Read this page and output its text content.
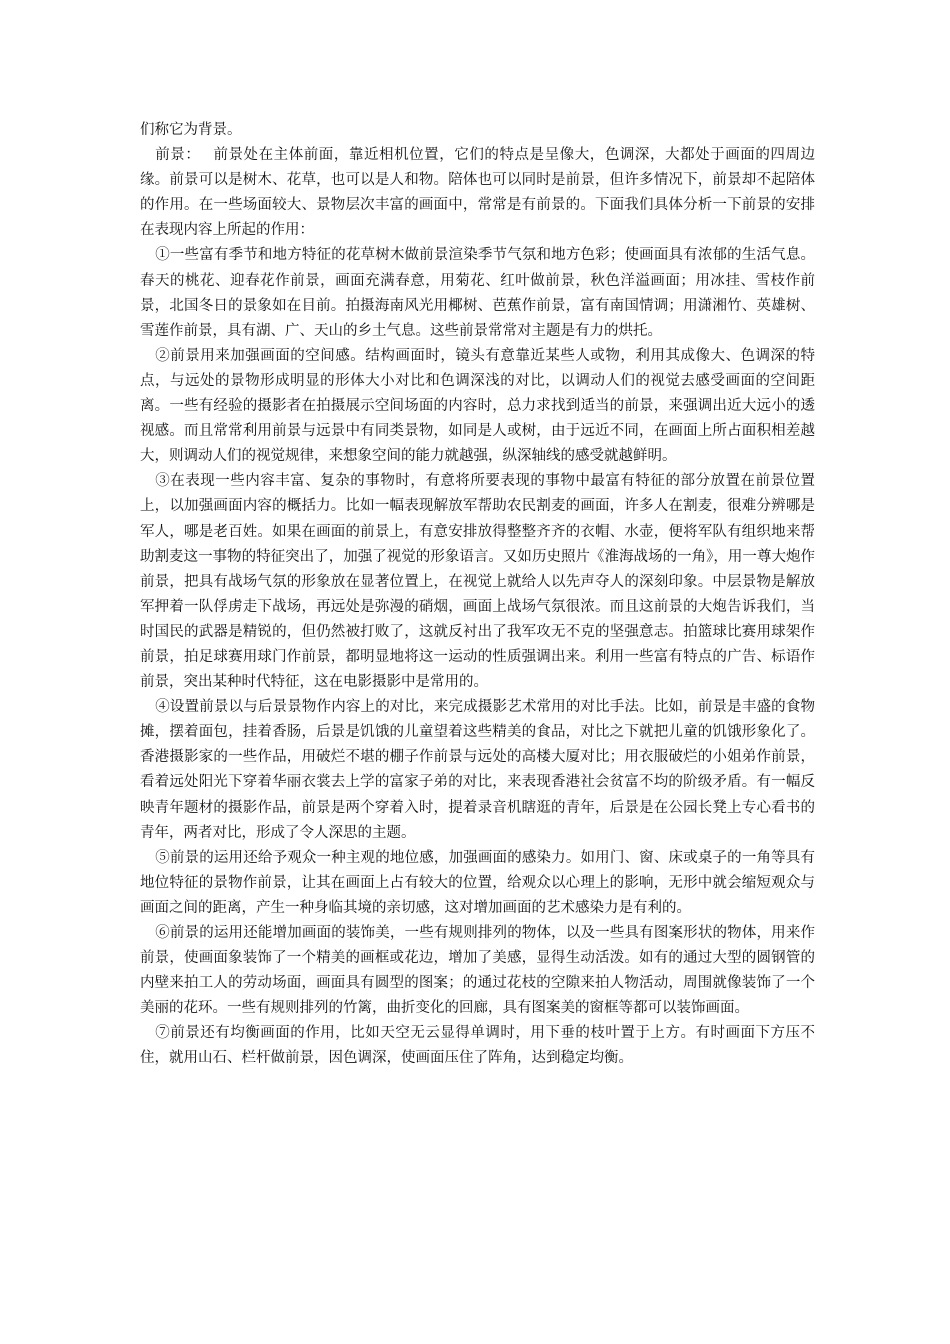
们称它为背景。

前景： 前景处在主体前面，靠近相机位置，它们的特点是呈像大，色调深，大都处于画面的四周边缘。前景可以是树木、花草，也可以是人和物。陪体也可以同时是前景，但许多情况下，前景却不起陪体的作用。在一些场面较大、景物层次丰富的画面中，常常是有前景的。下面我们具体分析一下前景的安排在表现内容上所起的作用：

①一些富有季节和地方特征的花草树木做前景渲染季节气氛和地方色彩；使画面具有浓郁的生活气息。春天的桃花、迎春花作前景，画面充满春意，用菊花、红叶做前景，秋色洋溢画面；用冰挂、雪枝作前景，北国冬日的景象如在目前。拍摄海南风光用椰树、芭蕉作前景，富有南国情调；用潇湘竹、英雄树、雪莲作前景，具有湖、广、天山的乡土气息。这些前景常常对主题是有力的烘托。

②前景用来加强画面的空间感。结构画面时，镜头有意靠近某些人或物，利用其成像大、色调深的特点，与远处的景物形成明显的形体大小对比和色调深浅的对比，以调动人们的视觉去感受画面的空间距离。一些有经验的摄影者在拍摄展示空间场面的内容时，总力求找到适当的前景，来强调出近大远小的透视感。而且常常利用前景与远景中有同类景物，如同是人或树，由于远近不同，在画面上所占面积相差越大，则调动人们的视觉规律，来想象空间的能力就越强，纵深轴线的感受就越鲜明。

③在表现一些内容丰富、复杂的事物时，有意将所要表现的事物中最富有特征的部分放置在前景位置上，以加强画面内容的概括力。比如一幅表现解放军帮助农民割麦的画面，许多人在割麦，很难分辨哪是军人，哪是老百姓。如果在画面的前景上，有意安排放得整整齐齐的衣帽、水壶，便将军队有组织地来帮助割麦这一事物的特征突出了，加强了视觉的形象语言。又如历史照片《淮海战场的一角》，用一尊大炮作前景，把具有战场气氛的形象放在显著位置上，在视觉上就给人以先声夺人的深刻印象。中层景物是解放军押着一队俘虏走下战场，再远处是弥漫的硝烟，画面上战场气氛很浓。而且这前景的大炮告诉我们，当时国民的武器是精锐的，但仍然被打败了，这就反衬出了我军攻无不克的坚强意志。拍篮球比赛用球架作前景，拍足球赛用球门作前景，都明显地将这一运动的性质强调出来。利用一些富有特点的广告、标语作前景，突出某种时代特征，这在电影摄影中是常用的。

④设置前景以与后景景物作内容上的对比，来完成摄影艺术常用的对比手法。比如，前景是丰盛的食物摊，摆着面包，挂着香肠，后景是饥饿的儿童望着这些精美的食品，对比之下就把儿童的饥饿形象化了。香港摄影家的一些作品，用破烂不堪的棚子作前景与远处的高楼大厦对比；用衣服破烂的小姐弟作前景，看着远处阳光下穿着华丽衣裳去上学的富家子弟的对比，来表现香港社会贫富不均的阶级矛盾。有一幅反映青年题材的摄影作品，前景是两个穿着入时，提着录音机瞎逛的青年，后景是在公园长凳上专心看书的青年，两者对比，形成了令人深思的主题。

⑤前景的运用还给予观众一种主观的地位感，加强画面的感染力。如用门、窗、床或桌子的一角等具有地位特征的景物作前景，让其在画面上占有较大的位置，给观众以心理上的影响，无形中就会缩短观众与画面之间的距离，产生一种身临其境的亲切感，这对增加画面的艺术感染力是有利的。

⑥前景的运用还能增加画面的装饰美，一些有规则排列的物体，以及一些具有图案形状的物体，用来作前景，使画面象装饰了一个精美的画框或花边，增加了美感，显得生动活泼。如有的通过大型的圆钢管的内壁来拍工人的劳动场面，画面具有圆型的图案；的通过花枝的空隙来拍人物活动，周围就像装饰了一个美丽的花环。一些有规则排列的竹篱，曲折变化的回廊，具有图案美的窗框等都可以装饰画面。

⑦前景还有均衡画面的作用，比如天空无云显得单调时，用下垂的枝叶置于上方。有时画面下方压不住，就用山石、栏杆做前景，因色调深，使画面压住了阵角，达到稳定均衡。
